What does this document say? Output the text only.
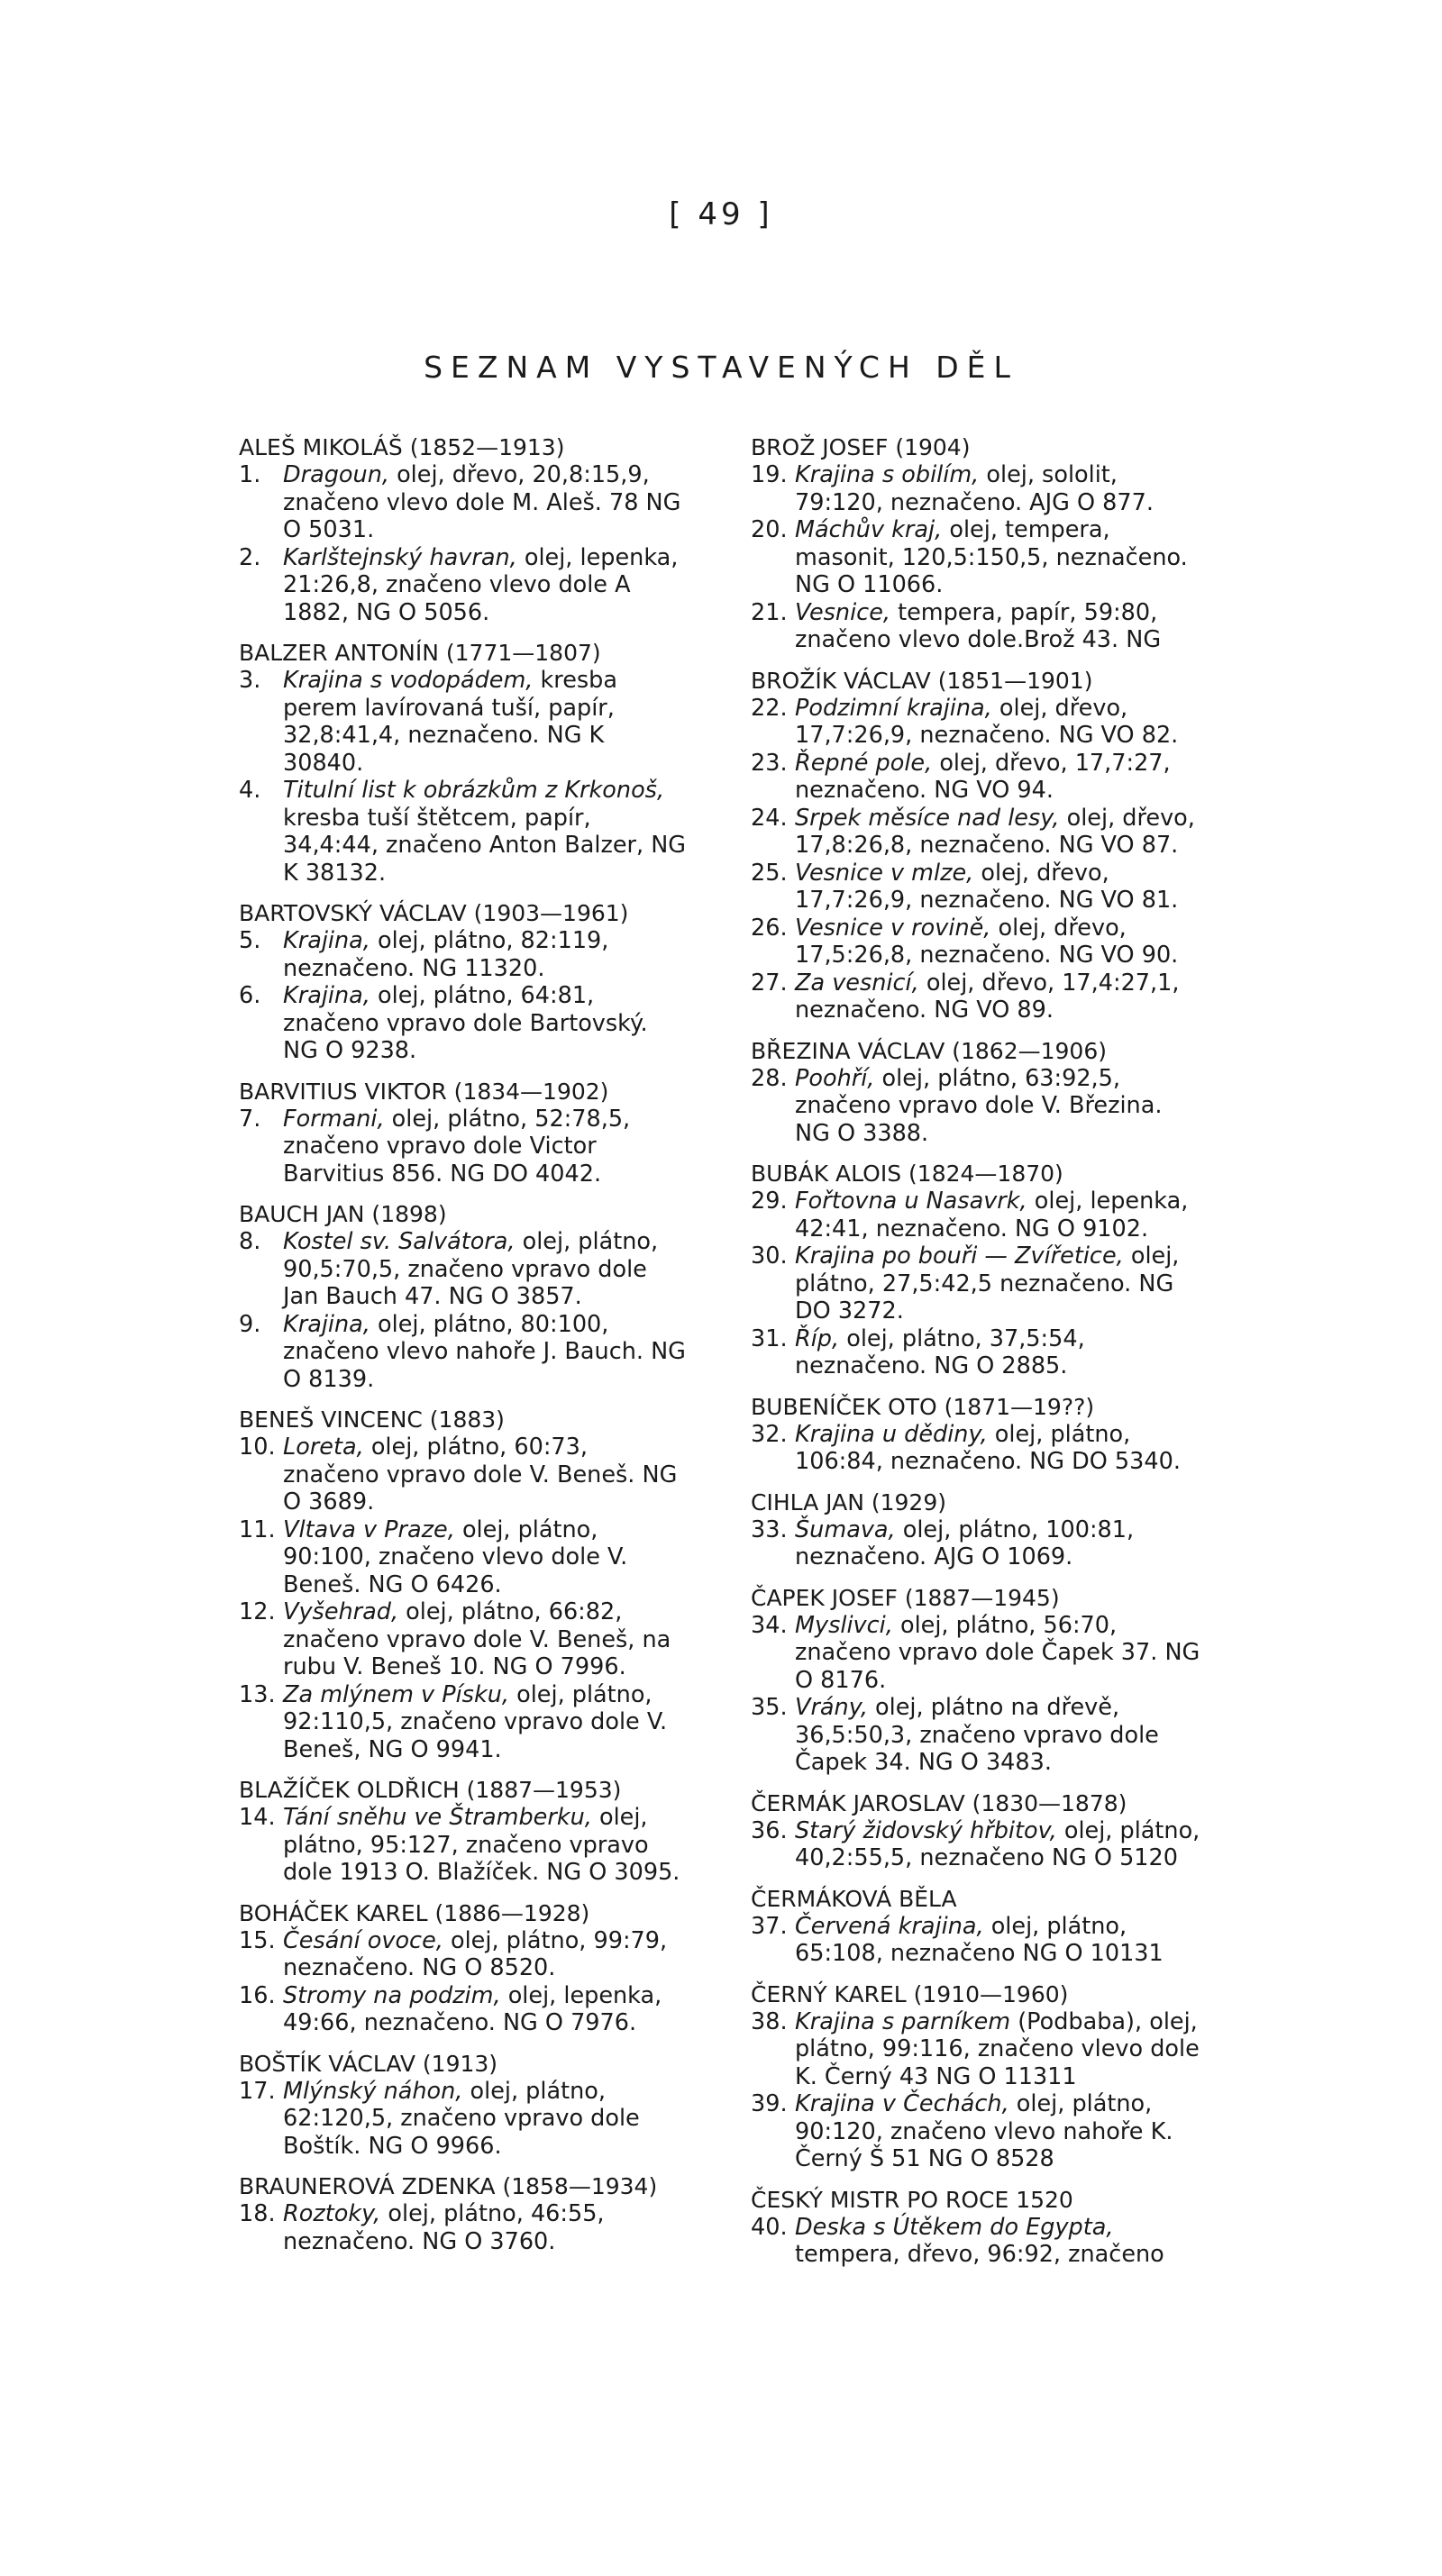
[ 49 ]
SEZNAM VYSTAVENÝCH DĚL
ALEŠ MIKOLÁŠ (1852—1913)
1. Dragoun, olej, dřevo, 20,8:15,9, značeno vlevo dole M. Aleš. 78 NG O 5031.
2. Karlštejnský havran, olej, lepenka, 21:26,8, značeno vlevo dole A 1882, NG O 5056.
BALZER ANTONÍN (1771—1807)
3. Krajina s vodopádem, kresba perem lavírovaná tuší, papír, 32,8:41,4, neznačeno. NG K 30840.
4. Titulní list k obrázkům z Krkonoš, kresba tuší štětcem, papír, 34,4:44, značeno Anton Balzer, NG K 38132.
BARTOVSKÝ VÁCLAV (1903—1961)
5. Krajina, olej, plátno, 82:119, neznačeno. NG 11320.
6. Krajina, olej, plátno, 64:81, značeno vpravo dole Bartovský. NG O 9238.
BARVITIUS VIKTOR (1834—1902)
7. Formani, olej, plátno, 52:78,5, značeno vpravo dole Victor Barvitius 856. NG DO 4042.
BAUCH JAN (1898)
8. Kostel sv. Salvátora, olej, plátno, 90,5:70,5, značeno vpravo dole Jan Bauch 47. NG O 3857.
9. Krajina, olej, plátno, 80:100, značeno vlevo nahoře J. Bauch. NG O 8139.
BENEŠ VINCENC (1883)
10. Loreta, olej, plátno, 60:73, značeno vpravo dole V. Beneš. NG O 3689.
11. Vltava v Praze, olej, plátno, 90:100, značeno vlevo dole V. Beneš. NG O 6426.
12. Vyšehrad, olej, plátno, 66:82, značeno vpravo dole V. Beneš, na rubu V. Beneš 10. NG O 7996.
13. Za mlýnem v Písku, olej, plátno, 92:110,5, značeno vpravo dole V. Beneš, NG O 9941.
BLAŽÍČEK OLDŘICH (1887—1953)
14. Tání sněhu ve Štramberku, olej, plátno, 95:127, značeno vpravo dole 1913 O. Blažíček. NG O 3095.
BOHÁČEK KAREL (1886—1928)
15. Česání ovoce, olej, plátno, 99:79, neznačeno. NG O 8520.
16. Stromy na podzim, olej, lepenka, 49:66, neznačeno. NG O 7976.
BOŠTÍK VÁCLAV (1913)
17. Mlýnský náhon, olej, plátno, 62:120,5, značeno vpravo dole Boštík. NG O 9966.
BRAUNEROVÁ ZDENKA (1858—1934)
18. Roztoky, olej, plátno, 46:55, neznačeno. NG O 3760.
BROŽ JOSEF (1904)
19. Krajina s obilím, olej, sololit, 79:120, neznačeno. AJG O 877.
20. Máchův kraj, olej, tempera, masonit, 120,5:150,5, neznačeno. NG O 11066.
21. Vesnice, tempera, papír, 59:80, značeno vlevo dole.Brož 43. NG
BROŽÍK VÁCLAV (1851—1901)
22. Podzimní krajina, olej, dřevo, 17,7:26,9, neznačeno. NG VO 82.
23. Řepné pole, olej, dřevo, 17,7:27, neznačeno. NG VO 94.
24. Srpek měsíce nad lesy, olej, dřevo, 17,8:26,8, neznačeno. NG VO 87.
25. Vesnice v mlze, olej, dřevo, 17,7:26,9, neznačeno. NG VO 81.
26. Vesnice v rovině, olej, dřevo, 17,5:26,8, neznačeno. NG VO 90.
27. Za vesnicí, olej, dřevo, 17,4:27,1, neznačeno. NG VO 89.
BŘEZINA VÁCLAV (1862—1906)
28. Poohří, olej, plátno, 63:92,5, značeno vpravo dole V. Březina. NG O 3388.
BUBÁK ALOIS (1824—1870)
29. Fořtovna u Nasavrk, olej, lepenka, 42:41, neznačeno. NG O 9102.
30. Krajina po bouři — Zvířetice, olej, plátno, 27,5:42,5 neznačeno. NG DO 3272.
31. Říp, olej, plátno, 37,5:54, neznačeno. NG O 2885.
BUBENÍČEK OTO (1871—19??)
32. Krajina u dědiny, olej, plátno, 106:84, neznačeno. NG DO 5340.
CIHLA JAN (1929)
33. Šumava, olej, plátno, 100:81, neznačeno. AJG O 1069.
ČAPEK JOSEF (1887—1945)
34. Myslivci, olej, plátno, 56:70, značeno vpravo dole Čapek 37. NG O 8176.
35. Vrány, olej, plátno na dřevě, 36,5:50,3, značeno vpravo dole Čapek 34. NG O 3483.
ČERMÁK JAROSLAV (1830—1878)
36. Starý židovský hřbitov, olej, plátno, 40,2:55,5, neznačeno NG O 5120
ČERMÁKOVÁ BĚLA
37. Červená krajina, olej, plátno, 65:108, neznačeno NG O 10131
ČERNÝ KAREL (1910—1960)
38. Krajina s parníkem (Podbaba), olej, plátno, 99:116, značeno vlevo dole K. Černý 43 NG O 11311
39. Krajina v Čechách, olej, plátno, 90:120, značeno vlevo nahoře K. Černý Š 51 NG O 8528
ČESKÝ MISTR PO ROCE 1520
40. Deska s Útěkem do Egypta, tempera, dřevo, 96:92, značeno
